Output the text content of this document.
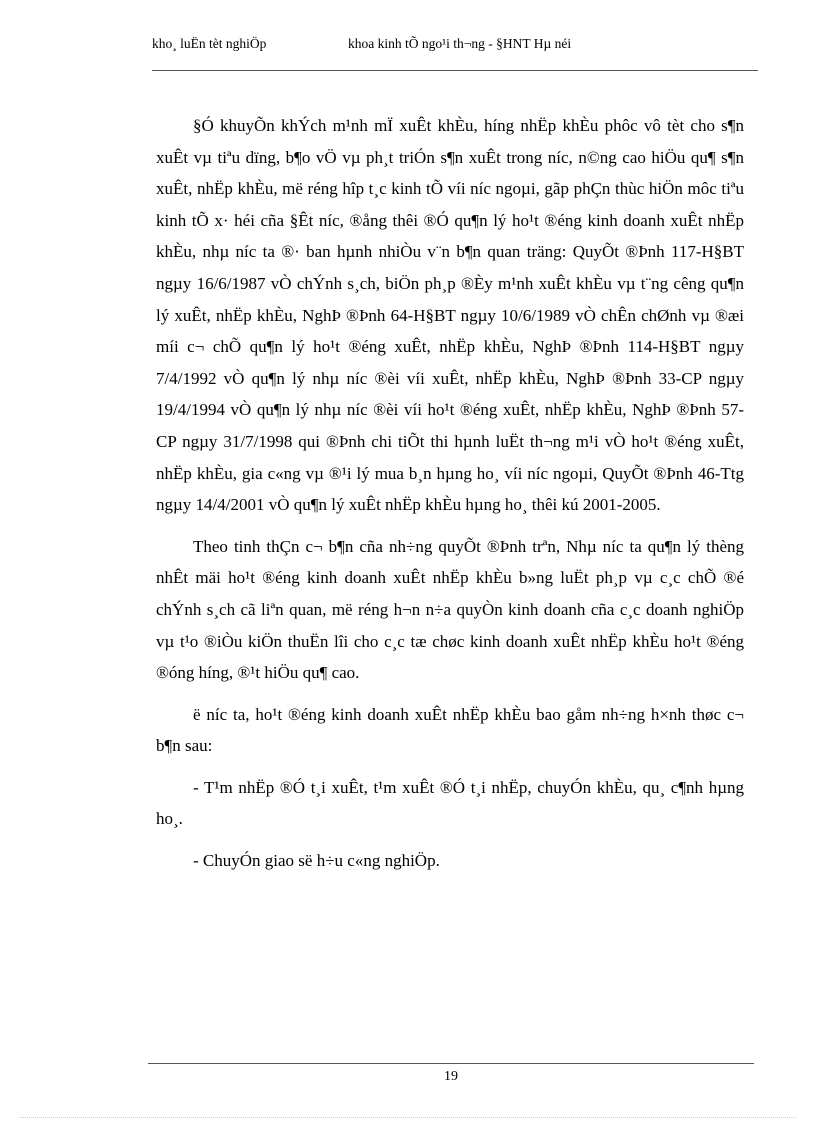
kho¸ luËn tèt nghiÖp	khoa kinh tÕ ngo¹i th¬ng - §HNT Hµ néi

§Ó khuyÕn khÝch m¹nh mÏ xuÊt khÈu, híng nhËp khÈu phôc vô tèt cho s¶n xuÊt vµ tiªu dïng, b¶o vÖ vµ ph¸t triÓn s¶n xuÊt trong níc, n©ng cao hiÖu qu¶ s¶n xuÊt, nhËp khÈu, më réng hîp t¸c kinh tÕ víi níc ngoµi, gãp phÇn thùc hiÖn môc tiªu kinh tÕ x· héi cña §Êt níc, ®ång thêi ®Ó qu¶n lý ho¹t ®éng kinh doanh xuÊt nhËp khÈu, nhµ níc ta ®· ban hµnh nhiÒu v¨n b¶n quan träng: QuyÕt ®Þnh 117-H§BT ngµy 16/6/1987 vÒ chÝnh s¸ch, biÖn ph¸p ®Èy m¹nh xuÊt khÈu vµ t¨ng cêng qu¶n lý xuÊt, nhËp khÈu, NghÞ ®Þnh 64-H§BT ngµy 10/6/1989 vÒ chÊn chØnh vµ ®æi míi c¬ chÕ qu¶n lý ho¹t ®éng xuÊt, nhËp khÈu, NghÞ ®Þnh 114-H§BT ngµy 7/4/1992 vÒ qu¶n lý nhµ níc ®èi víi xuÊt, nhËp khÈu, NghÞ ®Þnh 33-CP ngµy 19/4/1994 vÒ qu¶n lý nhµ níc ®èi víi ho¹t ®éng xuÊt, nhËp khÈu, NghÞ ®Þnh 57-CP ngµy 31/7/1998 qui ®Þnh chi tiÕt thi hµnh luËt th¬ng m¹i vÒ ho¹t ®éng xuÊt, nhËp khÈu, gia c«ng vµ ®¹i lý mua b¸n hµng ho¸ víi níc ngoµi, QuyÕt ®Þnh 46-Ttg ngµy 14/4/2001 vÒ qu¶n lý xuÊt nhËp khÈu hµng ho¸ thêi kú 2001-2005.

Theo tinh thÇn c¬ b¶n cña nh÷ng quyÕt ®Þnh trªn, Nhµ níc ta qu¶n lý thèng nhÊt mäi ho¹t ®éng kinh doanh xuÊt nhËp khÈu b»ng luËt ph¸p vµ c¸c chÕ ®é chÝnh s¸ch cã liªn quan, më réng h¬n n÷a quyÒn kinh doanh cña c¸c doanh nghiÖp vµ t¹o ®iÒu kiÖn thuËn lîi cho c¸c tæ chøc kinh doanh xuÊt nhËp khÈu ho¹t ®éng ®óng híng, ®¹t hiÖu qu¶ cao.

ë níc ta, ho¹t ®éng kinh doanh xuÊt nhËp khÈu bao gåm nh÷ng h×nh thøc c¬ b¶n sau:

- T¹m nhËp ®Ó t¸i xuÊt, t¹m xuÊt ®Ó t¸i nhËp, chuyÓn khÈu, qu¸ c¶nh hµng ho¸.

- ChuyÓn giao së h÷u c«ng nghiÖp.

19
